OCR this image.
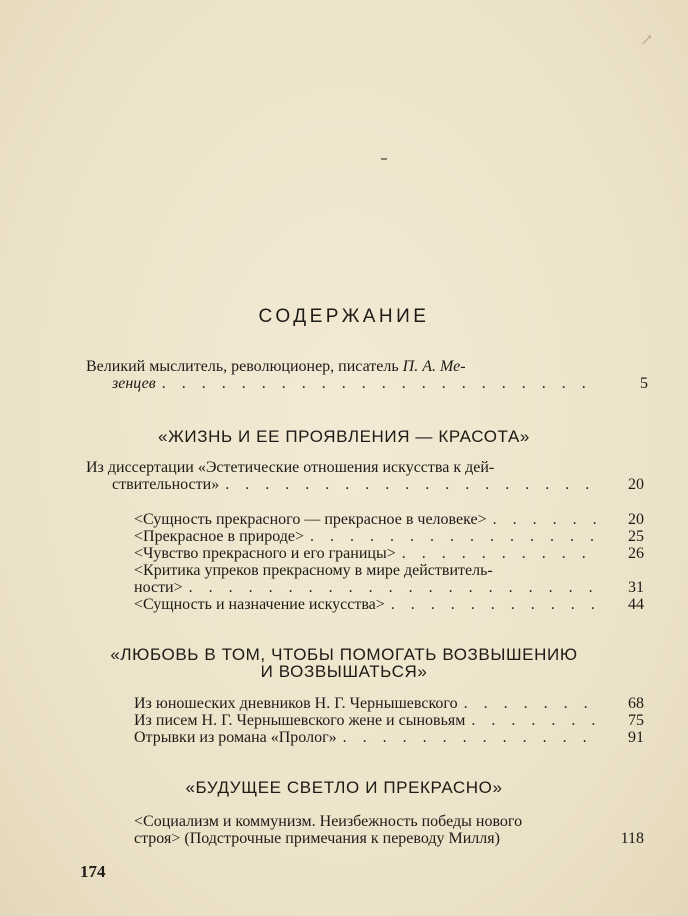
↗
СОДЕРЖАНИЕ
Великий мыслитель, революционер, писатель П. А. Ме-
зенцев . . .	5
«ЖИЗНЬ И ЕЕ ПРОЯВЛЕНИЯ — КРАСОТА»
Из диссертации «Эстетические отношения искусства к дей-
ствительности» . . .	20
<Сущность прекрасного — прекрасное в человеке> . . .	20
<Прекрасное в природе> . . .	25
<Чувство прекрасного и его границы> . . .	26
<Критика упреков прекрасному в мире действитель-
ности> . . .	31
<Сущность и назначение искусства> . . .	44
«ЛЮБОВЬ В ТОМ, ЧТОБЫ ПОМОГАТЬ ВОЗВЫШЕНИЮ
И ВОЗВЫШАТЬСЯ»
Из юношеских дневников Н. Г. Чернышевского . . .	68
Из писем Н. Г. Чернышевского жене и сыновьям . . .	75
Отрывки из романа «Пролог» . . .	91
«БУДУЩЕЕ СВЕТЛО И ПРЕКРАСНО»
<Социализм и коммунизм. Неизбежность победы нового
строя> (Подстрочные примечания к переводу Милля)	118
174
